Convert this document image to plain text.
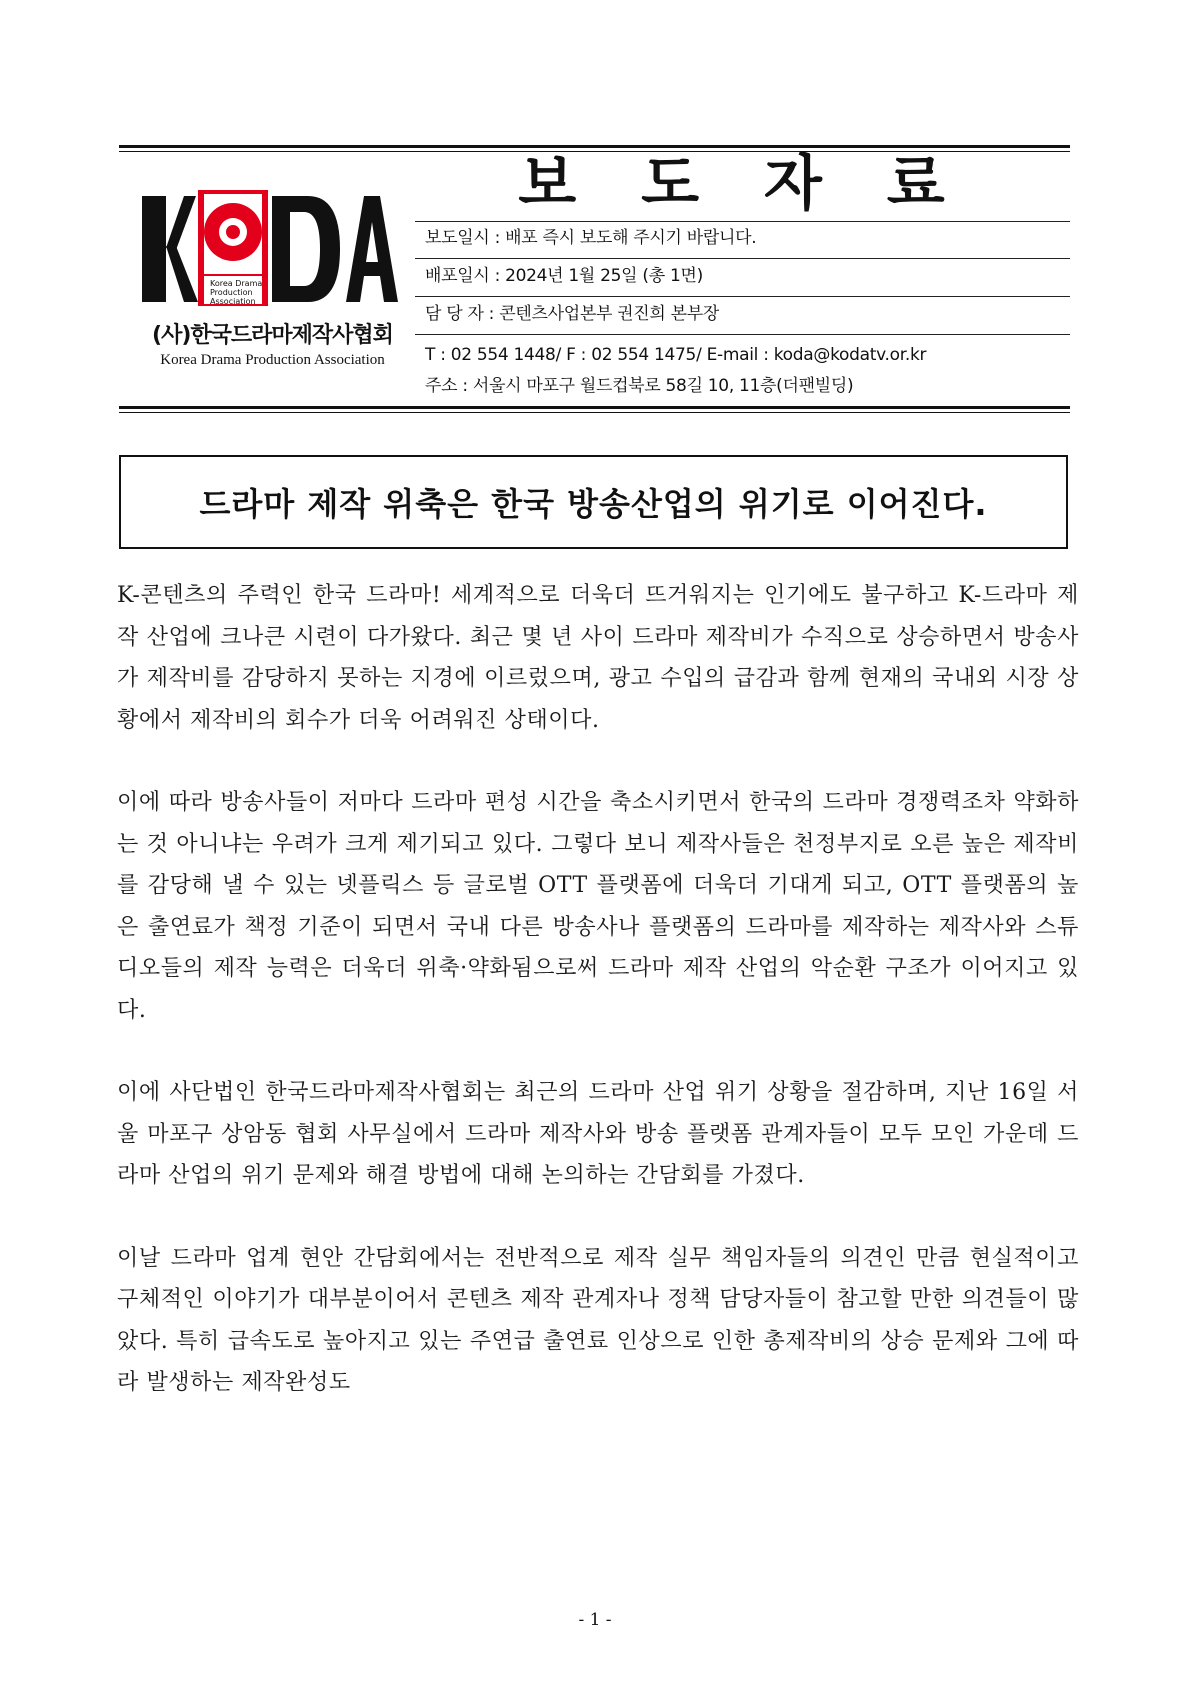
Korea Drama
Production
Association
(사)한국드라마제작사협회
Korea Drama Production Association
보 도 자 료
보도일시 : 배포 즉시 보도해 주시기 바랍니다.
배포일시 : 2024년 1월 25일 (총 1면)
담 당 자 : 콘텐츠사업본부 권진희 본부장
T : 02 554 1448/ F : 02 554 1475/ E-mail : koda@kodatv.or.kr
주소 : 서울시 마포구 월드컵북로 58길 10, 11층(더팬빌딩)
드라마 제작 위축은 한국 방송산업의 위기로 이어진다.

K-콘텐츠의 주력인 한국 드라마! 세계적으로 더욱더 뜨거워지는 인기에도 불구하고 K-드라마 제작 산업에 크나큰 시련이 다가왔다. 최근 몇 년 사이 드라마 제작비가 수직으로 상승하면서 방송사가 제작비를 감당하지 못하는 지경에 이르렀으며, 광고 수입의 급감과 함께 현재의 국내외 시장 상황에서 제작비의 회수가 더욱 어려워진 상태이다.

이에 따라 방송사들이 저마다 드라마 편성 시간을 축소시키면서 한국의 드라마 경쟁력조차 약화하는 것 아니냐는 우려가 크게 제기되고 있다. 그렇다 보니 제작사들은 천정부지로 오른 높은 제작비를 감당해 낼 수 있는 넷플릭스 등 글로벌 OTT 플랫폼에 더욱더 기대게 되고, OTT 플랫폼의 높은 출연료가 책정 기준이 되면서 국내 다른 방송사나 플랫폼의 드라마를 제작하는 제작사와 스튜디오들의 제작 능력은 더욱더 위축·약화됨으로써 드라마 제작 산업의 악순환 구조가 이어지고 있다.

이에 사단법인 한국드라마제작사협회는 최근의 드라마 산업 위기 상황을 절감하며, 지난 16일 서울 마포구 상암동 협회 사무실에서 드라마 제작사와 방송 플랫폼 관계자들이 모두 모인 가운데 드라마 산업의 위기 문제와 해결 방법에 대해 논의하는 간담회를 가졌다.

이날 드라마 업계 현안 간담회에서는 전반적으로 제작 실무 책임자들의 의견인 만큼 현실적이고 구체적인 이야기가 대부분이어서 콘텐츠 제작 관계자나 정책 담당자들이 참고할 만한 의견들이 많았다. 특히 급속도로 높아지고 있는 주연급 출연료 인상으로 인한 총제작비의 상승 문제와 그에 따라 발생하는 제작완성도

- 1 -
